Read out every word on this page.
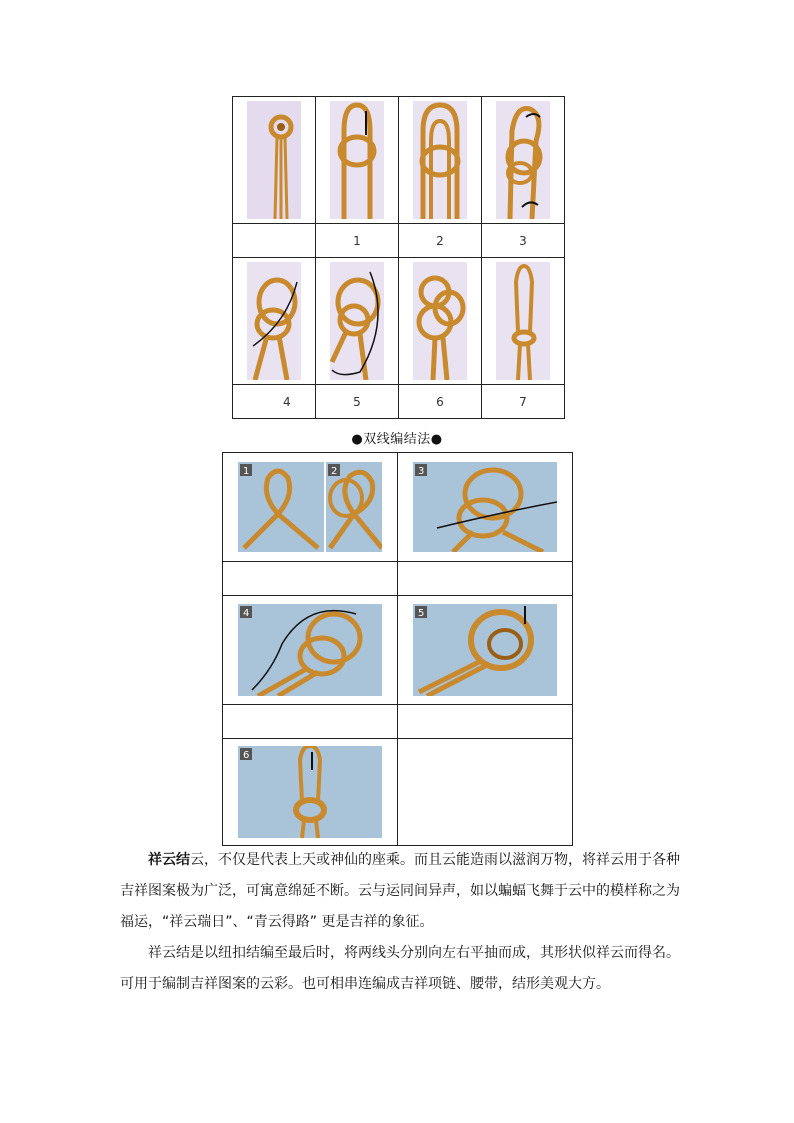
	1	2	3

4	5	6	7
●双线编结法●
1 2	3

4	5

6	

祥云结云，不仅是代表上天或神仙的座乘。而且云能造雨以滋润万物，将祥云用于各种吉祥图案极为广泛，可寓意绵延不断。云与运同间异声，如以蝙蝠飞舞于云中的模样称之为福运，“祥云瑞日”、“青云得路” 更是吉祥的象征。

祥云结是以纽扣结编至最后时，将两线头分别向左右平抽而成，其形状似祥云而得名。可用于编制吉祥图案的云彩。也可相串连编成吉祥项链、腰带，结形美观大方。
